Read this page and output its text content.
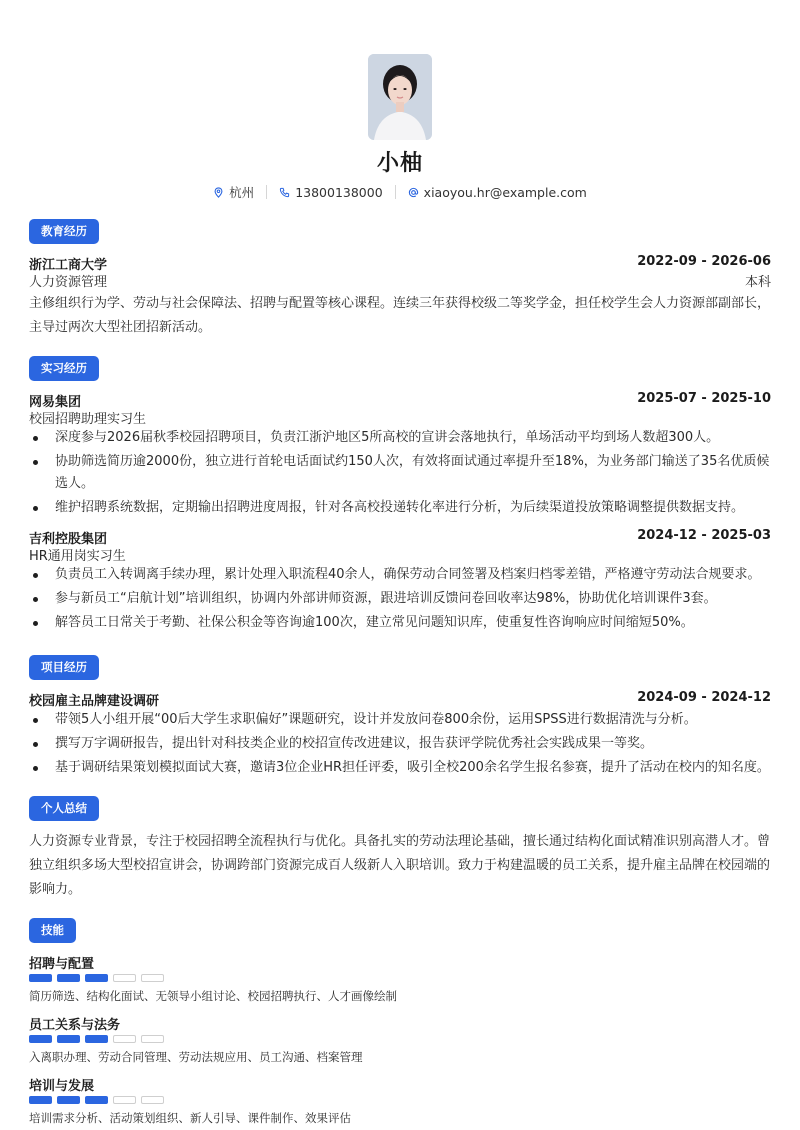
小柚
杭州	13800138000	xiaoyou.hr@example.com
教育经历
浙江工商大学	2022-09 - 2026-06
人力资源管理	本科
主修组织行为学、劳动与社会保障法、招聘与配置等核心课程。连续三年获得校级二等奖学金，担任校学生会人力资源部副部长，主导过两次大型社团招新活动。
实习经历
网易集团	2025-07 - 2025-10
校园招聘助理实习生
深度参与2026届秋季校园招聘项目，负责江浙沪地区5所高校的宣讲会落地执行，单场活动平均到场人数超300人。
协助筛选简历逾2000份，独立进行首轮电话面试约150人次，有效将面试通过率提升至18%，为业务部门输送了35名优质候选人。
维护招聘系统数据，定期输出招聘进度周报，针对各高校投递转化率进行分析，为后续渠道投放策略调整提供数据支持。
吉利控股集团	2024-12 - 2025-03
HR通用岗实习生
负责员工入转调离手续办理，累计处理入职流程40余人，确保劳动合同签署及档案归档零差错，严格遵守劳动法合规要求。
参与新员工“启航计划”培训组织，协调内外部讲师资源，跟进培训反馈问卷回收率达98%，协助优化培训课件3套。
解答员工日常关于考勤、社保公积金等咨询逾100次，建立常见问题知识库，使重复性咨询响应时间缩短50%。
项目经历
校园雇主品牌建设调研	2024-09 - 2024-12
带领5人小组开展“00后大学生求职偏好”课题研究，设计并发放问卷800余份，运用SPSS进行数据清洗与分析。
撰写万字调研报告，提出针对科技类企业的校招宣传改进建议，报告获评学院优秀社会实践成果一等奖。
基于调研结果策划模拟面试大赛，邀请3位企业HR担任评委，吸引全校200余名学生报名参赛，提升了活动在校内的知名度。
个人总结
人力资源专业背景，专注于校园招聘全流程执行与优化。具备扎实的劳动法理论基础，擅长通过结构化面试精准识别高潜人才。曾独立组织多场大型校招宣讲会，协调跨部门资源完成百人级新人入职培训。致力于构建温暖的员工关系，提升雇主品牌在校园端的影响力。
技能
招聘与配置
简历筛选、结构化面试、无领导小组讨论、校园招聘执行、人才画像绘制
员工关系与法务
入离职办理、劳动合同管理、劳动法规应用、员工沟通、档案管理
培训与发展
培训需求分析、活动策划组织、新人引导、课件制作、效果评估
